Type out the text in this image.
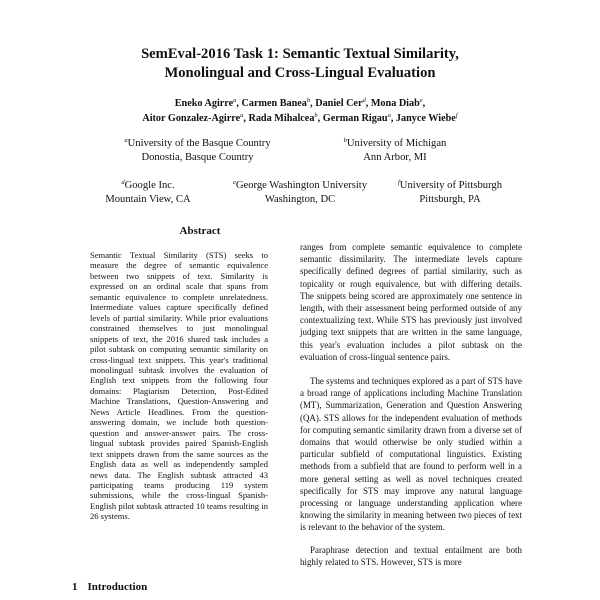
SemEval-2016 Task 1: Semantic Textual Similarity,
Monolingual and Cross-Lingual Evaluation
Eneko Agirre$^a$, Carmen Banea$^b$, Daniel Cer$^d$, Mona Diab$^e$,
Aitor Gonzalez-Agirre$^a$, Rada Mihalcea$^b$, German Rigau$^a$, Janyce Wiebe$^f$
$^a$University of the Basque Country
Donostia, Basque Country
$^b$University of Michigan
Ann Arbor, MI
$^d$Google Inc.
Mountain View, CA
$^e$George Washington University
Washington, DC
$^f$University of Pittsburgh
Pittsburgh, PA
Abstract
Semantic Textual Similarity (STS) seeks to measure the degree of semantic equivalence between two snippets of text. Similarity is expressed on an ordinal scale that spans from semantic equivalence to complete unrelatedness. Intermediate values capture specifically defined levels of partial similarity. While prior evaluations constrained themselves to just monolingual snippets of text, the 2016 shared task includes a pilot subtask on computing semantic similarity on cross-lingual text snippets. This year's traditional monolingual subtask involves the evaluation of English text snippets from the following four domains: Plagiarism Detection, Post-Edited Machine Translations, Question-Answering and News Article Headlines. From the question-answering domain, we include both question-question and answer-answer pairs. The cross-lingual subtask provides paired Spanish-English text snippets drawn from the same sources as the English data as well as independently sampled news data. The English subtask attracted 43 participating teams producing 119 system submissions, while the cross-lingual Spanish-English pilot subtask attracted 10 teams resulting in 26 systems.
ranges from complete semantic equivalence to complete semantic dissimilarity. The intermediate levels capture specifically defined degrees of partial similarity, such as topicality or rough equivalence, but with differing details. The snippets being scored are approximately one sentence in length, with their assessment being performed outside of any contextualizing text. While STS has previously just involved judging text snippets that are written in the same language, this year's evaluation includes a pilot subtask on the evaluation of cross-lingual sentence pairs.
The systems and techniques explored as a part of STS have a broad range of applications including Machine Translation (MT), Summarization, Generation and Question Answering (QA). STS allows for the independent evaluation of methods for computing semantic similarity drawn from a diverse set of domains that would otherwise be only studied within a particular subfield of computational linguistics. Existing methods from a subfield that are found to perform well in a more general setting as well as novel techniques created specifically for STS may improve any natural language processing or language understanding application where knowing the similarity in meaning between two pieces of text is relevant to the behavior of the system.
Paraphrase detection and textual entailment are both highly related to STS. However, STS is more
1 Introduction
